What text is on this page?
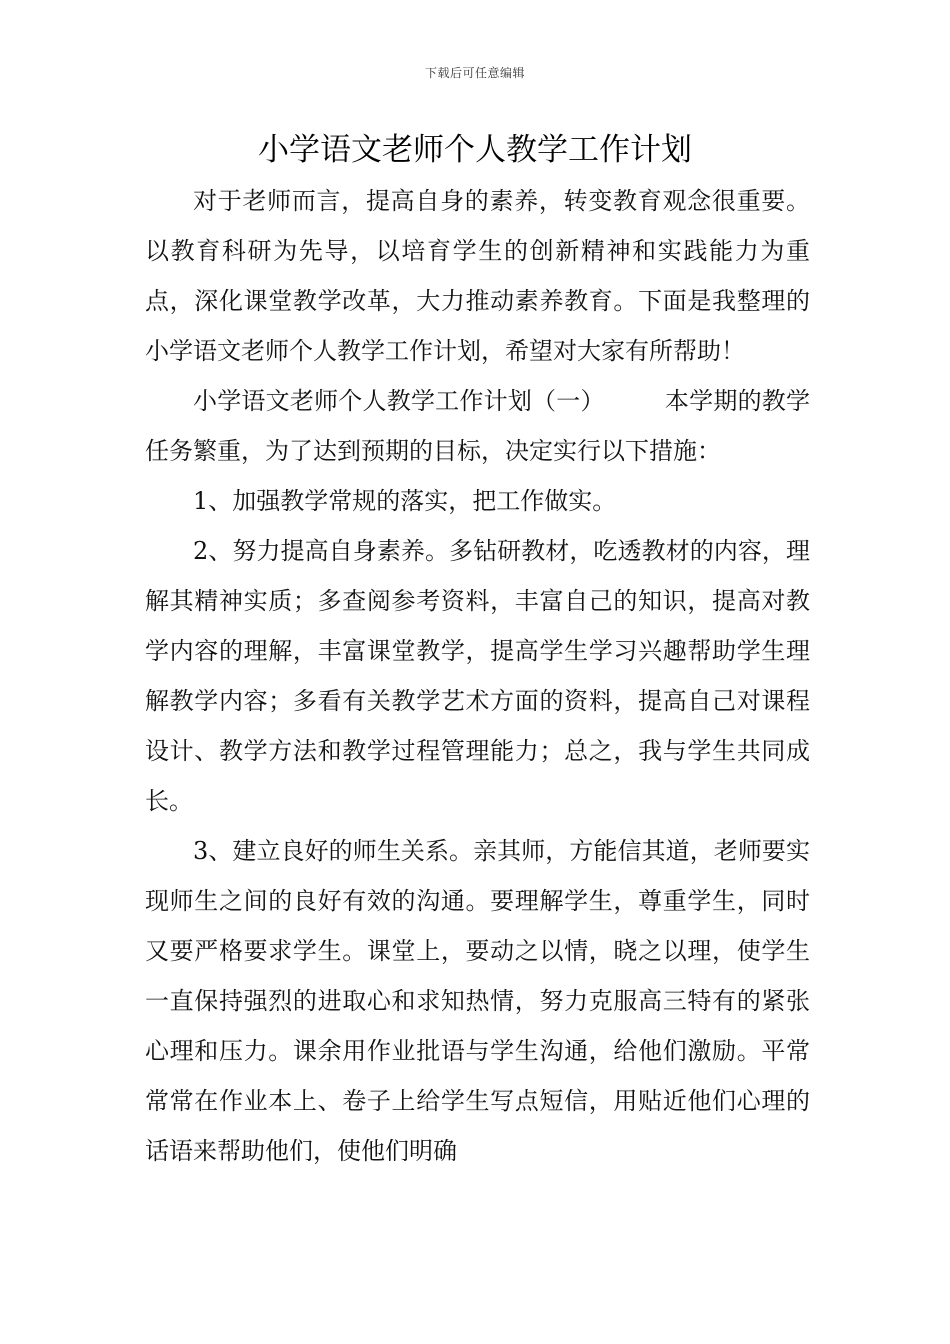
下载后可任意编辑
小学语文老师个人教学工作计划

对于老师而言，提高自身的素养，转变教育观念很重要。以教育科研为先导，以培育学生的创新精神和实践能力为重点，深化课堂教学改革，大力推动素养教育。下面是我整理的小学语文老师个人教学工作计划，希望对大家有所帮助！

小学语文老师个人教学工作计划（一）	本学期的教学任务繁重，为了达到预期的目标，决定实行以下措施：

1、加强教学常规的落实，把工作做实。

2、努力提高自身素养。多钻研教材，吃透教材的内容，理解其精神实质；多查阅参考资料，丰富自己的知识，提高对教学内容的理解，丰富课堂教学，提高学生学习兴趣帮助学生理解教学内容；多看有关教学艺术方面的资料，提高自己对课程设计、教学方法和教学过程管理能力；总之，我与学生共同成长。

3、建立良好的师生关系。亲其师，方能信其道，老师要实现师生之间的良好有效的沟通。要理解学生，尊重学生，同时又要严格要求学生。课堂上，要动之以情，晓之以理，使学生一直保持强烈的进取心和求知热情，努力克服高三特有的紧张心理和压力。课余用作业批语与学生沟通，给他们激励。平常常常在作业本上、卷子上给学生写点短信，用贴近他们心理的话语来帮助他们，使他们明确
